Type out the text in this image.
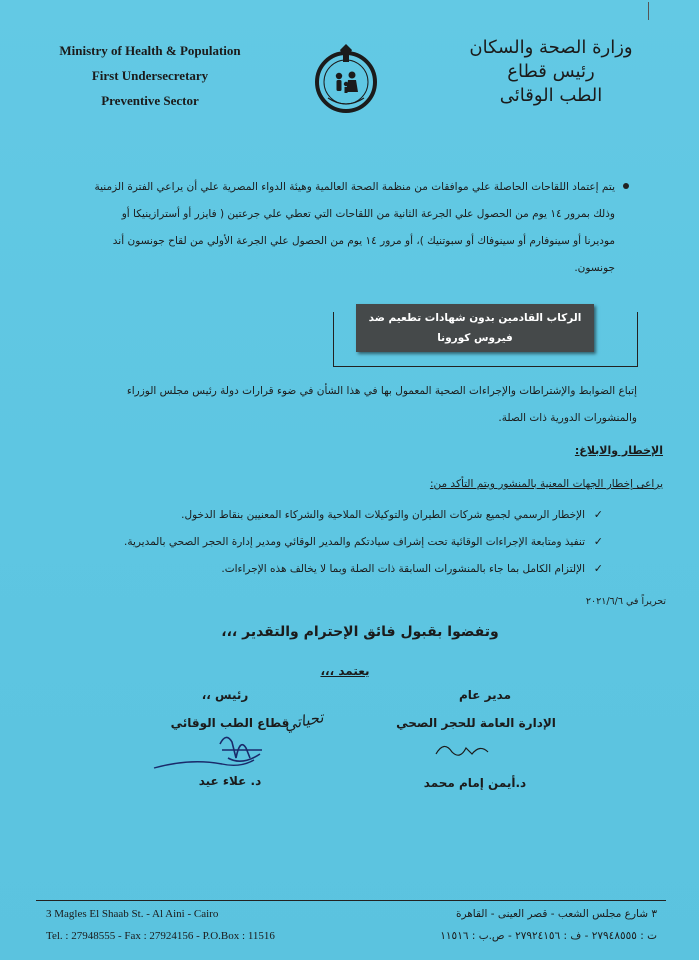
Ministry of Health & Population
First Undersecretary
Preventive Sector
وزارة الصحة والسكان
رئيس قطاع
الطب الوقائى
يتم إعتماد اللقاحات الحاصلة علي موافقات من منظمة الصحة العالمية وهيئة الدواء المصرية علي أن يراعي الفترة الزمنية
وذلك بمرور ١٤ يوم من الحصول علي الجرعة الثانية من اللقاحات التي تعطي علي جرعتين ( فايزر أو أسترازينيكا أو
موديرنا أو سينوفارم أو سينوفاك أو سبوتنيك )، أو مرور ١٤ يوم من الحصول علي الجرعة الأولي من لقاح جونسون أند
جونسون.
الركاب القادمين بدون شهادات تطعيم ضد
فيروس كورونا
إتباع الضوابط والإشتراطات والإجراءات الصحية المعمول بها في هذا الشأن في ضوء قرارات دولة رئيس مجلس الوزراء
والمنشورات الدورية ذات الصلة.
الإخطار والابلاغ:
يراعى إخطار الجهات المعنية بالمنشور ويتم التأكد من:
✓
الإخطار الرسمي لجميع شركات الطيران والتوكيلات الملاحية والشركاء المعنيين بنقاط الدخول.
✓
تنفيذ ومتابعة الإجراءات الوقائية تحت إشراف سيادتكم والمدير الوقائي ومدير إدارة الحجر الصحي بالمديرية.
✓
الإلتزام الكامل بما جاء بالمنشورات السابقة ذات الصلة وبما لا يخالف هذه الإجراءات.
تحريراً في ٢٠٢١/٦/٦
وتفضوا بقبول فائق الإحترام والتقدير ،،،
يعتمد ،،،
رئيس ،،
قطاع الطب الوقائي
تحياتي
د. علاء عيد
مدير عام
الإدارة العامة للحجر الصحي
د.أيمن إمام محمد
3 Magles El Shaab St. - Al Aini - Cairo
Tel. : 27948555 - Fax : 27924156 - P.O.Box : 11516
٣ شارع مجلس الشعب - قصر العينى - القاهرة
ت : ٢٧٩٤٨٥٥٥ - ف : ٢٧٩٢٤١٥٦ - ص.ب : ١١٥١٦
